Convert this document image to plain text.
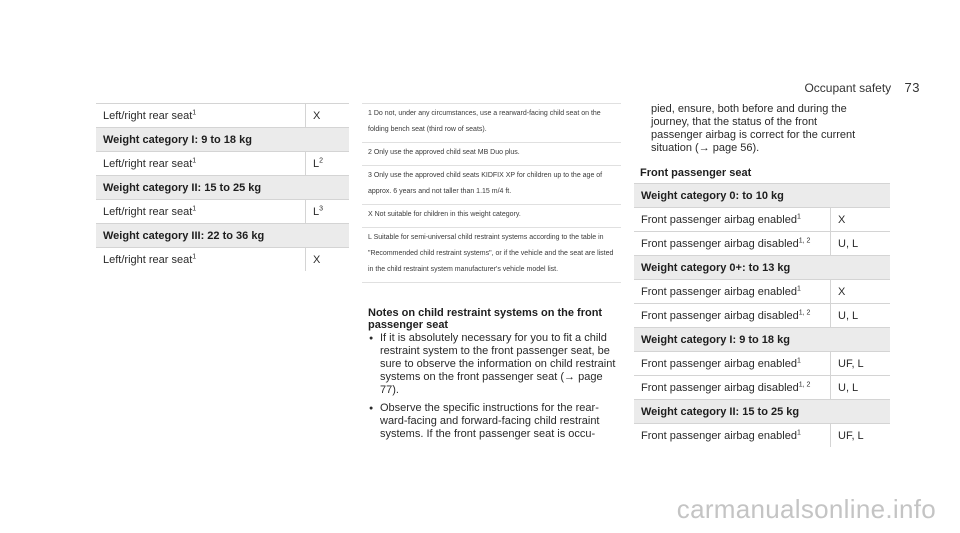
Occupant safety 73
Left/right rear seat$^1$	X
Weight category I: 9 to 18 kg	
Left/right rear seat$^1$	$L^2$
Weight category II: 15 to 25 kg	
Left/right rear seat$^1$	$L^3$
Weight category III: 22 to 36 kg	
Left/right rear seat$^1$	X
1 Do not, under any circumstances, use a rearward-facing child seat on the folding bench seat (third row of seats).
2 Only use the approved child seat MB Duo plus.
3 Only use the approved child seats KIDFIX XP for children up to the age of approx. 6 years and not taller than 1.15 m/4 ft.
X Not suitable for children in this weight category.
L Suitable for semi-universal child restraint systems according to the table in "Recommended child restraint systems", or if the vehicle and the seat are listed in the child restraint system manufacturer's vehicle model list.
Notes on child restraint systems on the front passenger seat
● If it is absolutely necessary for you to fit a child restraint system to the front passenger seat, be sure to observe the information on child restraint systems on the front passenger seat (→ page 77).
● Observe the specific instructions for the rear-ward-facing and forward-facing child restraint systems. If the front passenger seat is occu-
pied, ensure, both before and during the journey, that the status of the front passenger airbag is correct for the current situation (→ page 56).
Front passenger seat
Weight category 0: to 10 kg	
Front passenger airbag enabled$^1$	X
Front passenger airbag disabled$^{1, 2}$	U, L
Weight category 0+: to 13 kg	
Front passenger airbag enabled$^1$	X
Front passenger airbag disabled$^{1, 2}$	U, L
Weight category I: 9 to 18 kg	
Front passenger airbag enabled$^1$	UF, L
Front passenger airbag disabled$^{1, 2}$	U, L
Weight category II: 15 to 25 kg	
Front passenger airbag enabled$^1$	UF, L
carmanualsonline.info
